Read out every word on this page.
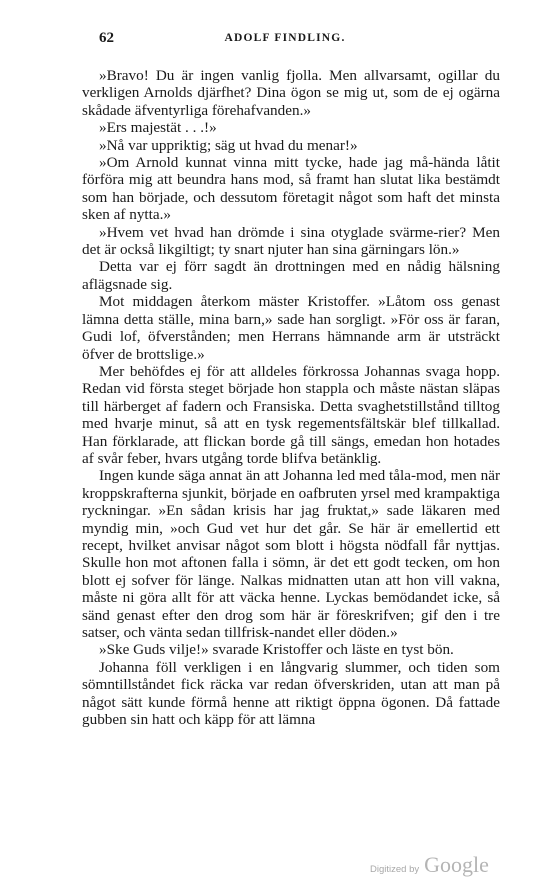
62	ADOLF FINDLING.

»Bravo! Du är ingen vanlig fjolla. Men allvarsamt, ogillar du verkligen Arnolds djärfhet? Dina ögon se mig ut, som de ej ogärna skådade äfventyrliga förehafvanden.»

»Ers majestät . . .!»

»Nå var uppriktig; säg ut hvad du menar!»

»Om Arnold kunnat vinna mitt tycke, hade jag må-hända låtit förföra mig att beundra hans mod, så framt han slutat lika bestämdt som han började, och dessutom företagit något som haft det minsta sken af nytta.»

»Hvem vet hvad han drömde i sina otyglade svärme-rier? Men det är också likgiltigt; ty snart njuter han sina gärningars lön.»

Detta var ej förr sagdt än drottningen med en nådig hälsning aflägsnade sig.

Mot middagen återkom mäster Kristoffer. »Låtom oss genast lämna detta ställe, mina barn,» sade han sorgligt. »För oss är faran, Gudi lof, öfverstånden; men Herrans hämnande arm är utsträckt öfver de brottslige.»

Mer behöfdes ej för att alldeles förkrossa Johannas svaga hopp. Redan vid första steget började hon stappla och måste nästan släpas till härberget af fadern och Fransiska. Detta svaghetstillstånd tilltog med hvarje minut, så att en tysk regementsfältskär blef tillkallad. Han förklarade, att flickan borde gå till sängs, emedan hon hotades af svår feber, hvars utgång torde blifva betänklig.

Ingen kunde säga annat än att Johanna led med tåla-mod, men när kroppskrafterna sjunkit, började en oafbruten yrsel med krampaktiga ryckningar. »En sådan krisis har jag fruktat,» sade läkaren med myndig min, »och Gud vet hur det går. Se här är emellertid ett recept, hvilket anvisar något som blott i högsta nödfall får nyttjas. Skulle hon mot aftonen falla i sömn, är det ett godt tecken, om hon blott ej sofver för länge. Nalkas midnatten utan att hon vill vakna, måste ni göra allt för att väcka henne. Lyckas bemödandet icke, så sänd genast efter den drog som här är föreskrifven; gif den i tre satser, och vänta sedan tillfrisk-nandet eller döden.»

»Ske Guds vilje!» svarade Kristoffer och läste en tyst bön.

Johanna föll verkligen i en långvarig slummer, och tiden som sömntillståndet fick räcka var redan öfverskriden, utan att man på något sätt kunde förmå henne att riktigt öppna ögonen. Då fattade gubben sin hatt och käpp för att lämna

Digitized by Google
